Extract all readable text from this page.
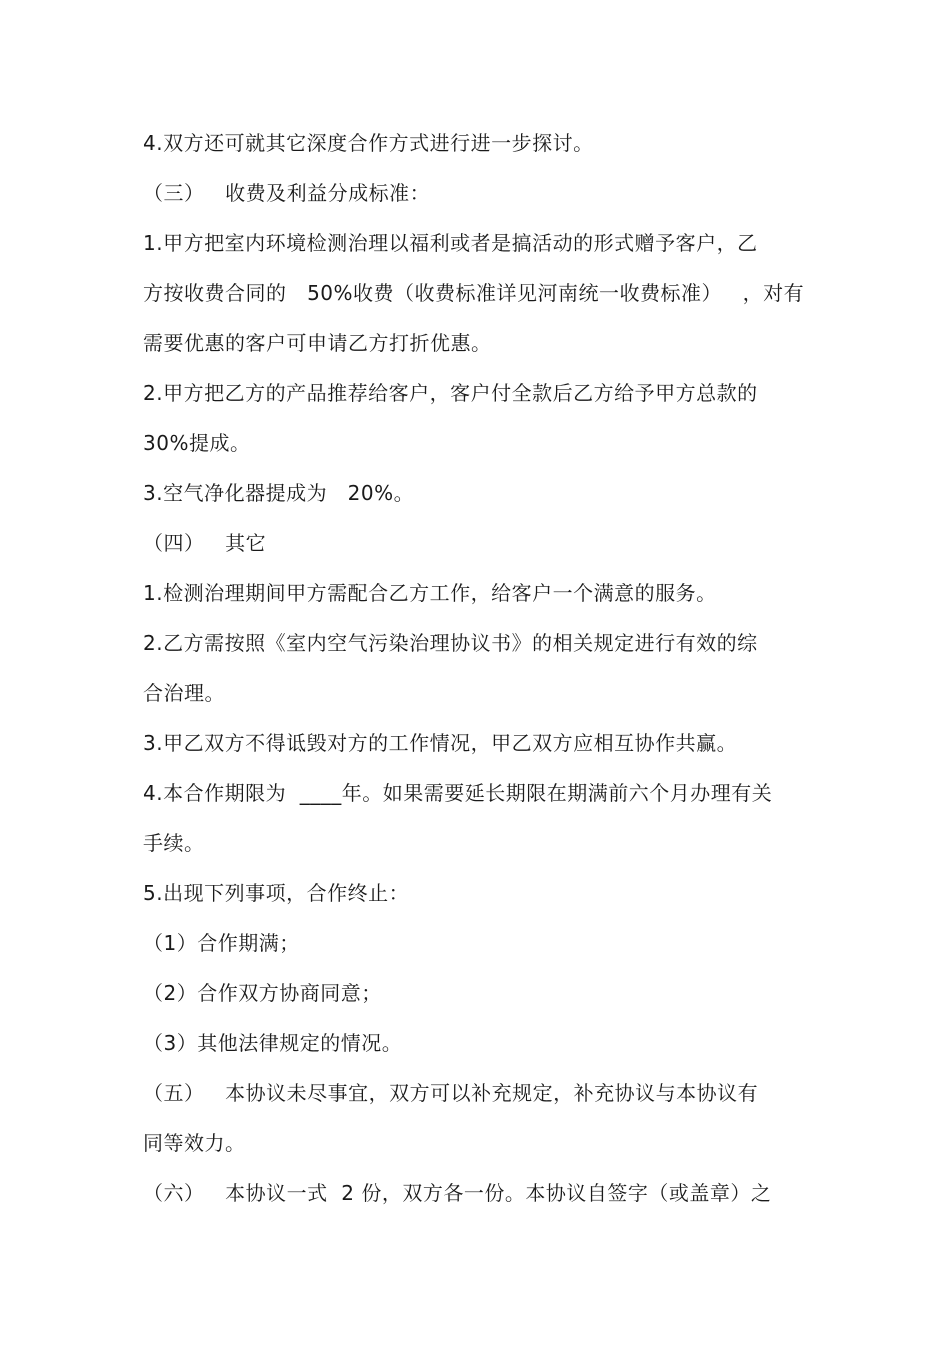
4.双方还可就其它深度合作方式进行进一步探讨。
（三）   收费及利益分成标准：
1.甲方把室内环境检测治理以福利或者是搞活动的形式赠予客户，乙
方按收费合同的   50%收费（收费标准详见河南统一收费标准）   ，对有
需要优惠的客户可申请乙方打折优惠。
2.甲方把乙方的产品推荐给客户，客户付全款后乙方给予甲方总款的
30%提成。
3.空气净化器提成为   20%。
（四）   其它
1.检测治理期间甲方需配合乙方工作，给客户一个满意的服务。
2.乙方需按照《室内空气污染治理协议书》的相关规定进行有效的综
合治理。
3.甲乙双方不得诋毁对方的工作情况，甲乙双方应相互协作共赢。
4.本合作期限为  ____年。如果需要延长期限在期满前六个月办理有关
手续。
5.出现下列事项，合作终止：
（1）合作期满；
（2）合作双方协商同意；
（3）其他法律规定的情况。
（五）   本协议未尽事宜，双方可以补充规定，补充协议与本协议有
同等效力。
（六）   本协议一式  2 份，双方各一份。本协议自签字（或盖章）之
